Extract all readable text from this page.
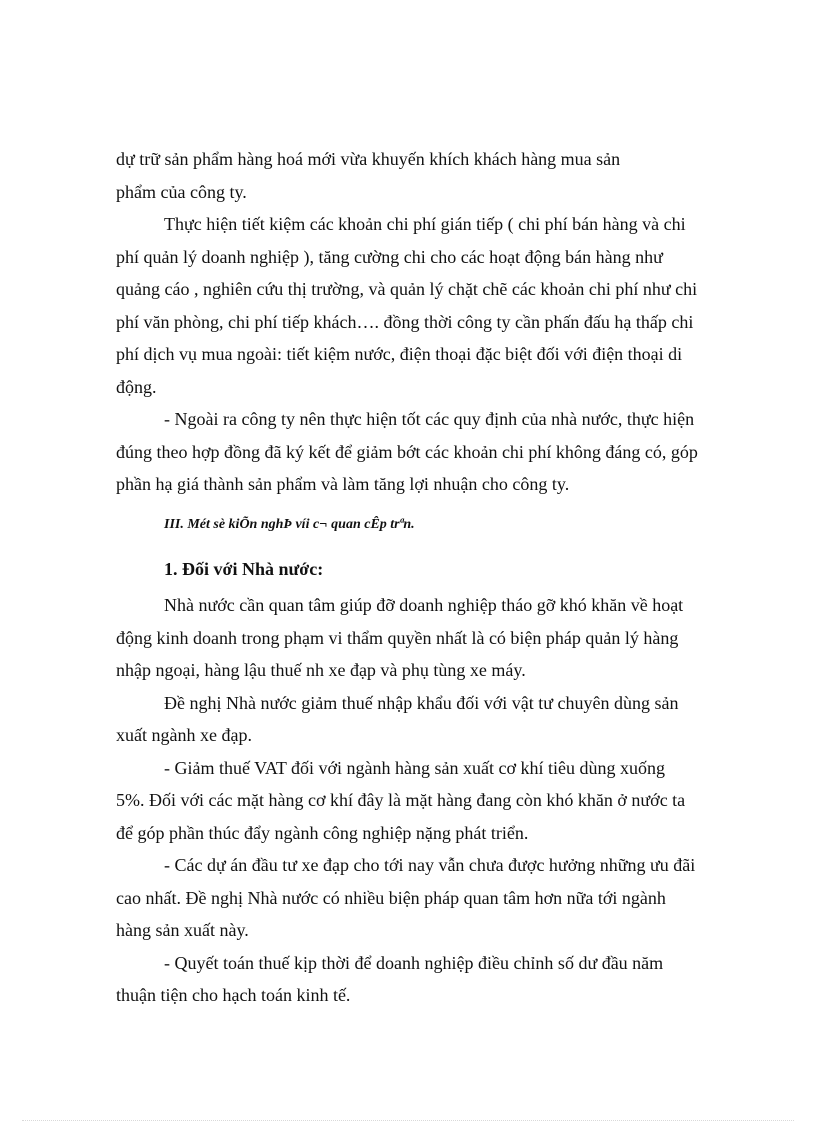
dự trữ sản phẩm hàng hoá mới vừa khuyến khích khách hàng mua sản
phẩm của công ty.

Thực hiện tiết kiệm các khoản chi phí gián tiếp ( chi phí bán hàng và chi
phí quản lý doanh nghiệp ), tăng cường chi cho các hoạt động bán hàng như
quảng cáo , nghiên cứu thị trường, và quản lý chặt chẽ các khoản chi phí như chi
phí văn phòng, chi phí tiếp khách…. đồng thời công ty cần phấn đấu hạ thấp chi
phí dịch vụ mua ngoài: tiết kiệm nước, điện thoại đặc biệt đối với điện thoại di
động.

- Ngoài ra công ty nên thực hiện tốt các quy định của nhà nước, thực hiện
đúng theo hợp đồng đã ký kết để giảm bớt các khoản chi phí không đáng có, góp
phần hạ giá thành sản phẩm và làm tăng lợi nhuận cho công ty.

III. Mét sè kiÕn nghÞ víi c¬ quan cÊp trªn.

1. Đối với Nhà nước:

Nhà nước cần quan tâm giúp đỡ doanh nghiệp tháo gỡ khó khăn về hoạt
động kinh doanh trong phạm vi thẩm quyền nhất là có biện pháp quản lý hàng
nhập ngoại, hàng lậu thuế nh xe đạp và phụ tùng xe máy.

Đề nghị Nhà nước giảm thuế nhập khẩu đối với vật tư chuyên dùng sản
xuất ngành xe đạp.

- Giảm thuế VAT đối với ngành hàng sản xuất cơ khí tiêu dùng xuống
5%. Đối với các mặt hàng cơ khí đây là mặt hàng đang còn khó khăn ở nước ta
để góp phần thúc đẩy ngành công nghiệp nặng phát triển.

- Các dự án đầu tư xe đạp cho tới nay vẫn chưa được hưởng những ưu đãi
cao nhất. Đề nghị Nhà nước có nhiều biện pháp quan tâm hơn nữa tới ngành
hàng sản xuất này.

- Quyết toán thuế kịp thời để doanh nghiệp điều chỉnh số dư đầu năm
thuận tiện cho hạch toán kinh tế.
